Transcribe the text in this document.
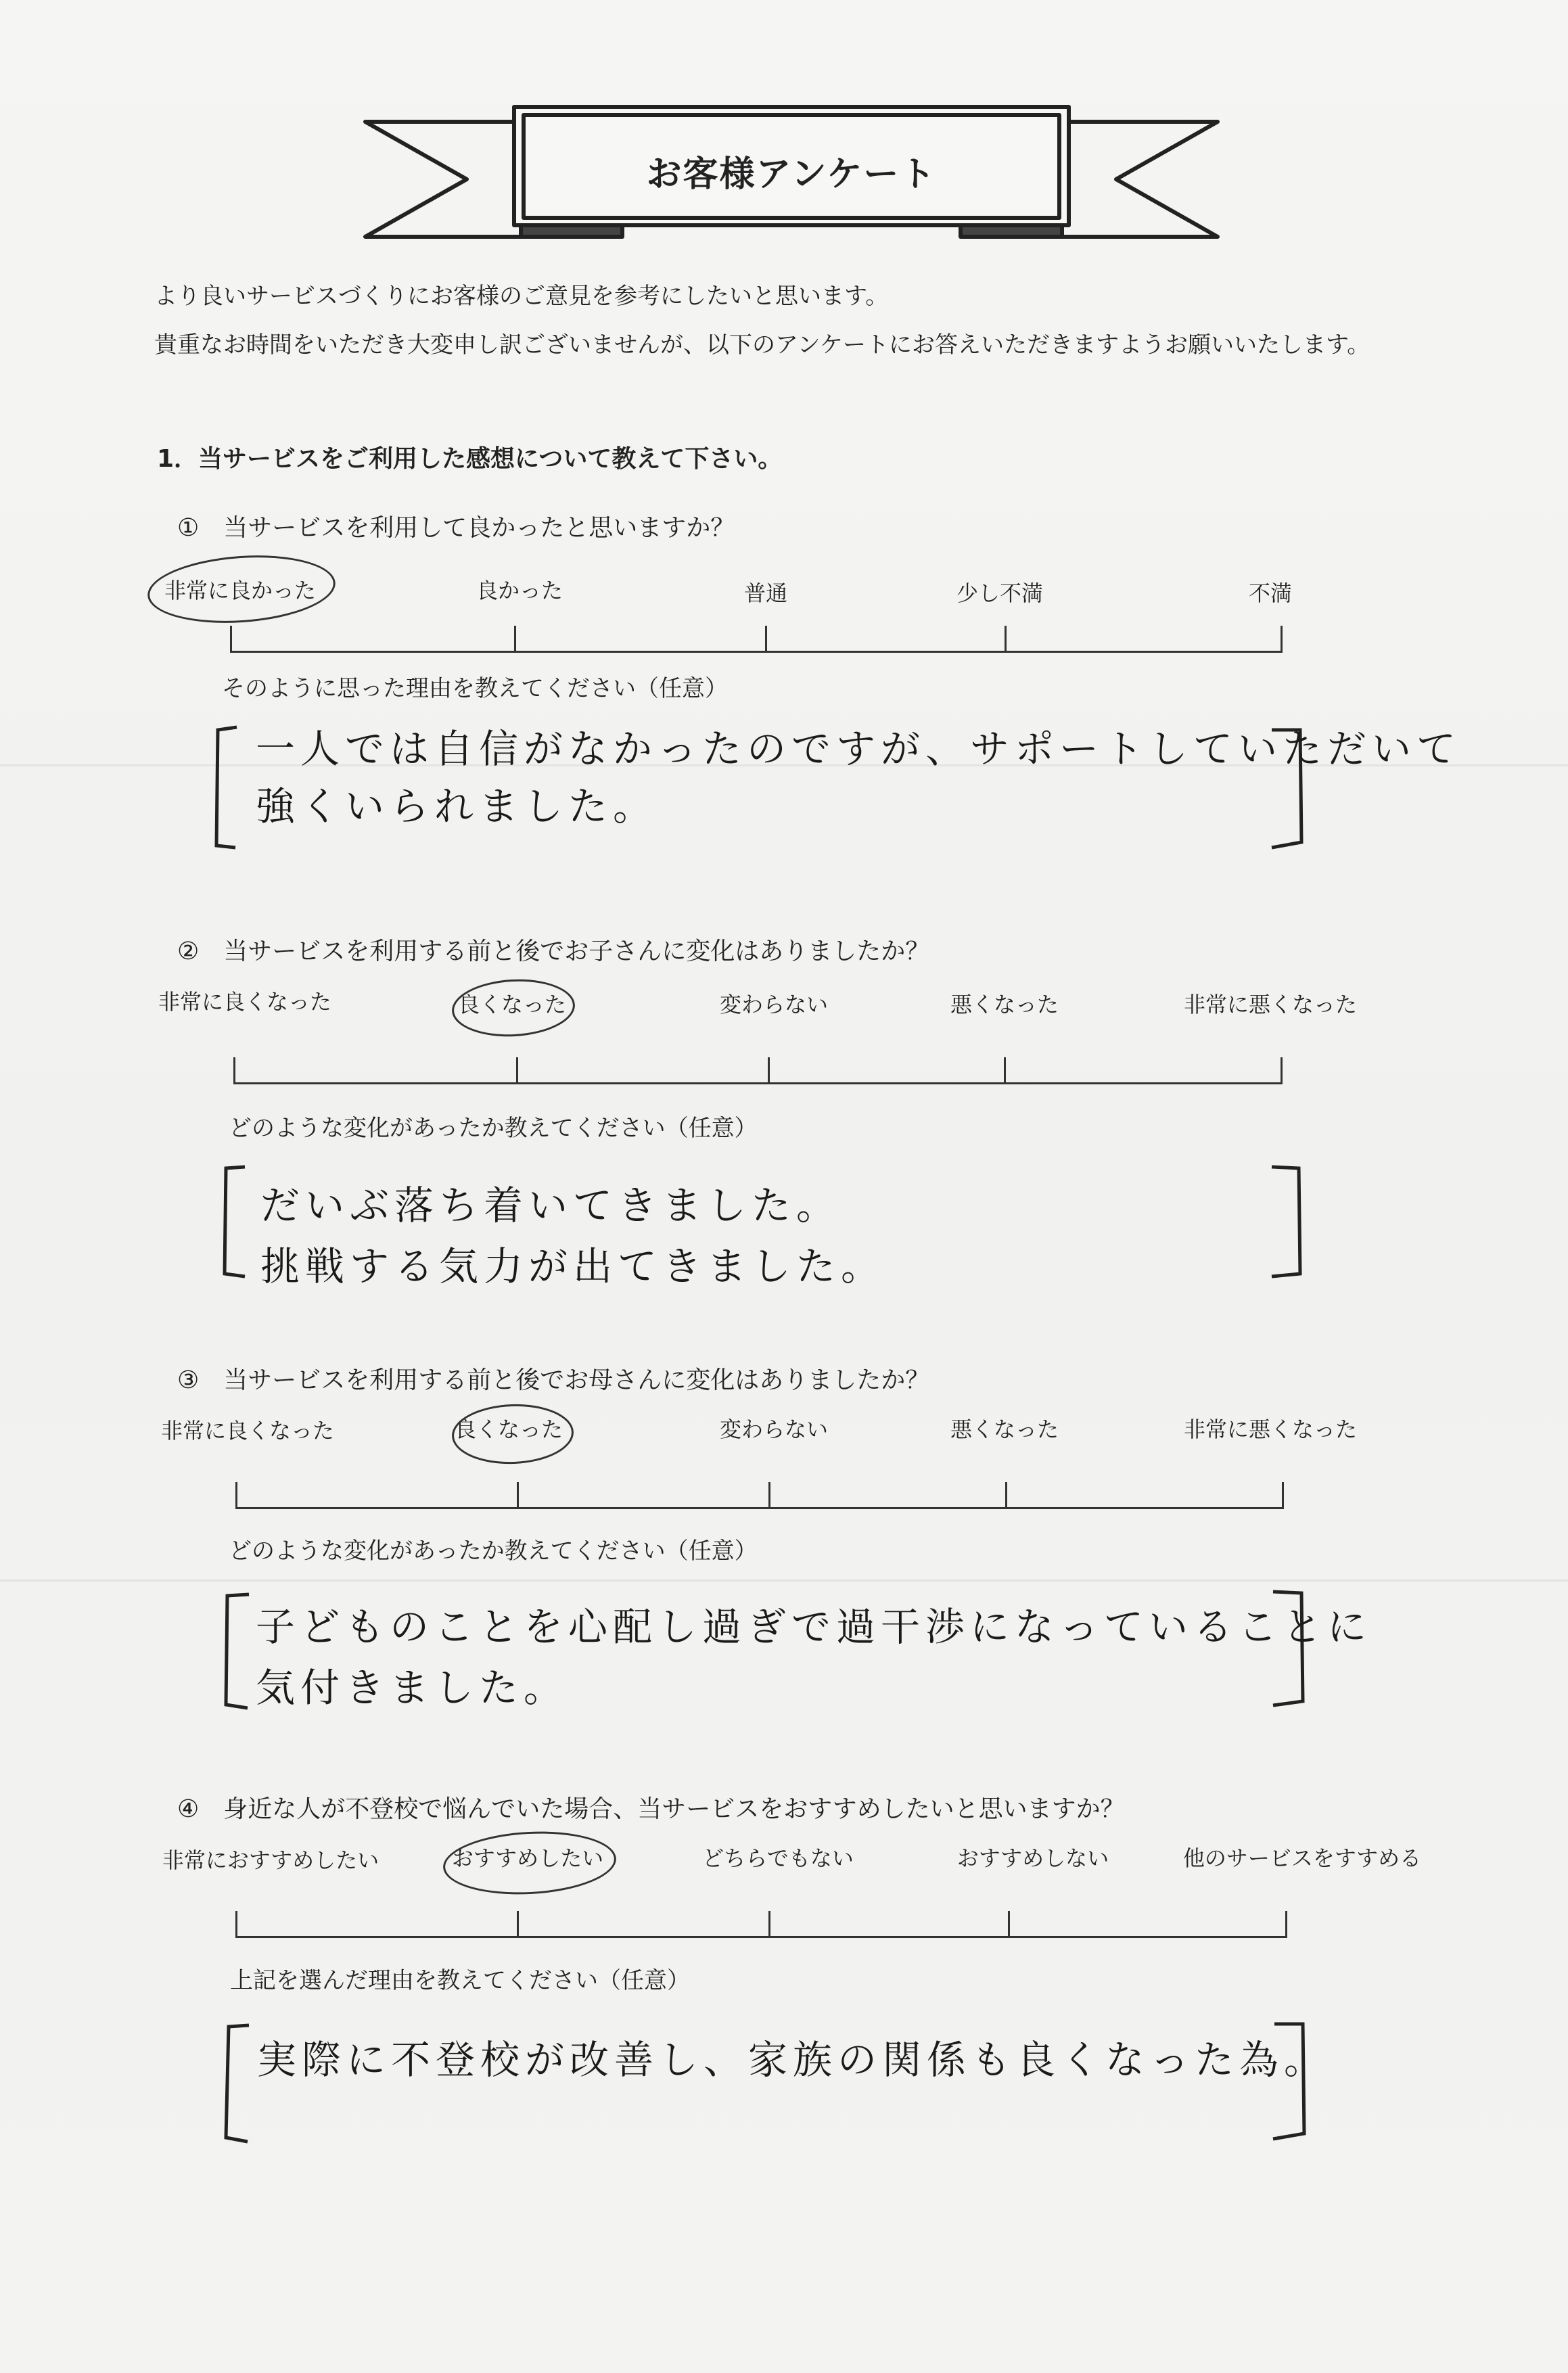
お客様アンケート
より良いサービスづくりにお客様のご意見を参考にしたいと思います。
貴重なお時間をいただき大変申し訳ございませんが、以下のアンケートにお答えいただきますようお願いいたします。
1．当サービスをご利用した感想について教えて下さい。
①　当サービスを利用して良かったと思いますか？
非常に良かった	良かった	普通	少し不満	不満
そのように思った理由を教えてください（任意）
一人では自信がなかったのですが、サポートしていただいて
強くいられました。
②　当サービスを利用する前と後でお子さんに変化はありましたか？
非常に良くなった	良くなった	変わらない	悪くなった	非常に悪くなった
どのような変化があったか教えてください（任意）
だいぶ落ち着いてきました。
挑戦する気力が出てきました。
③　当サービスを利用する前と後でお母さんに変化はありましたか？
非常に良くなった	良くなった	変わらない	悪くなった	非常に悪くなった
どのような変化があったか教えてください（任意）
子どものことを心配し過ぎで過干渉になっていることに
気付きました。
④　身近な人が不登校で悩んでいた場合、当サービスをおすすめしたいと思いますか？
非常におすすめしたい	おすすめしたい	どちらでもない	おすすめしない	他のサービスをすすめる
上記を選んだ理由を教えてください（任意）
実際に不登校が改善し、家族の関係も良くなった為。
